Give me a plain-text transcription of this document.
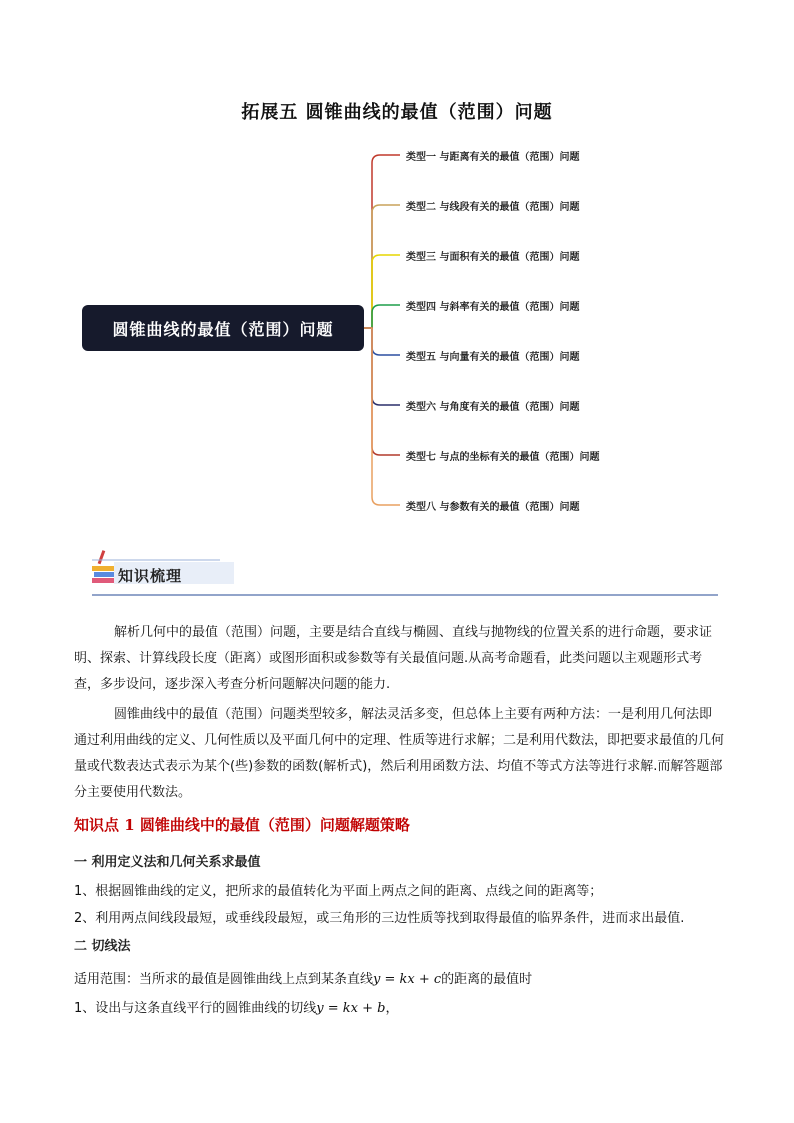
拓展五 圆锥曲线的最值（范围）问题
圆锥曲线的最值（范围）问题
类型一 与距离有关的最值（范围）问题
类型二 与线段有关的最值（范围）问题
类型三 与面积有关的最值（范围）问题
类型四 与斜率有关的最值（范围）问题
类型五 与向量有关的最值（范围）问题
类型六 与角度有关的最值（范围）问题
类型七 与点的坐标有关的最值（范围）问题
类型八 与参数有关的最值（范围）问题
知识梳理
解析几何中的最值（范围）问题，主要是结合直线与椭圆、直线与抛物线的位置关系的进行命题，要求证明、探索、计算线段长度（距离）或图形面积或参数等有关最值问题.从高考命题看，此类问题以主观题形式考查，多步设问，逐步深入考查分析问题解决问题的能力.
圆锥曲线中的最值（范围）问题类型较多，解法灵活多变，但总体上主要有两种方法：一是利用几何法即通过利用曲线的定义、几何性质以及平面几何中的定理、性质等进行求解；二是利用代数法，即把要求最值的几何量或代数表达式表示为某个(些)参数的函数(解析式)，然后利用函数方法、均值不等式方法等进行求解.而解答题部分主要使用代数法。
知识点 1 圆锥曲线中的最值（范围）问题解题策略
一 利用定义法和几何关系求最值
1、根据圆锥曲线的定义，把所求的最值转化为平面上两点之间的距离、点线之间的距离等；
2、利用两点间线段最短，或垂线段最短，或三角形的三边性质等找到取得最值的临界条件，进而求出最值.
二 切线法
适用范围：当所求的最值是圆锥曲线上点到某条直线y = kx + c的距离的最值时
1、设出与这条直线平行的圆锥曲线的切线y = kx + b，
